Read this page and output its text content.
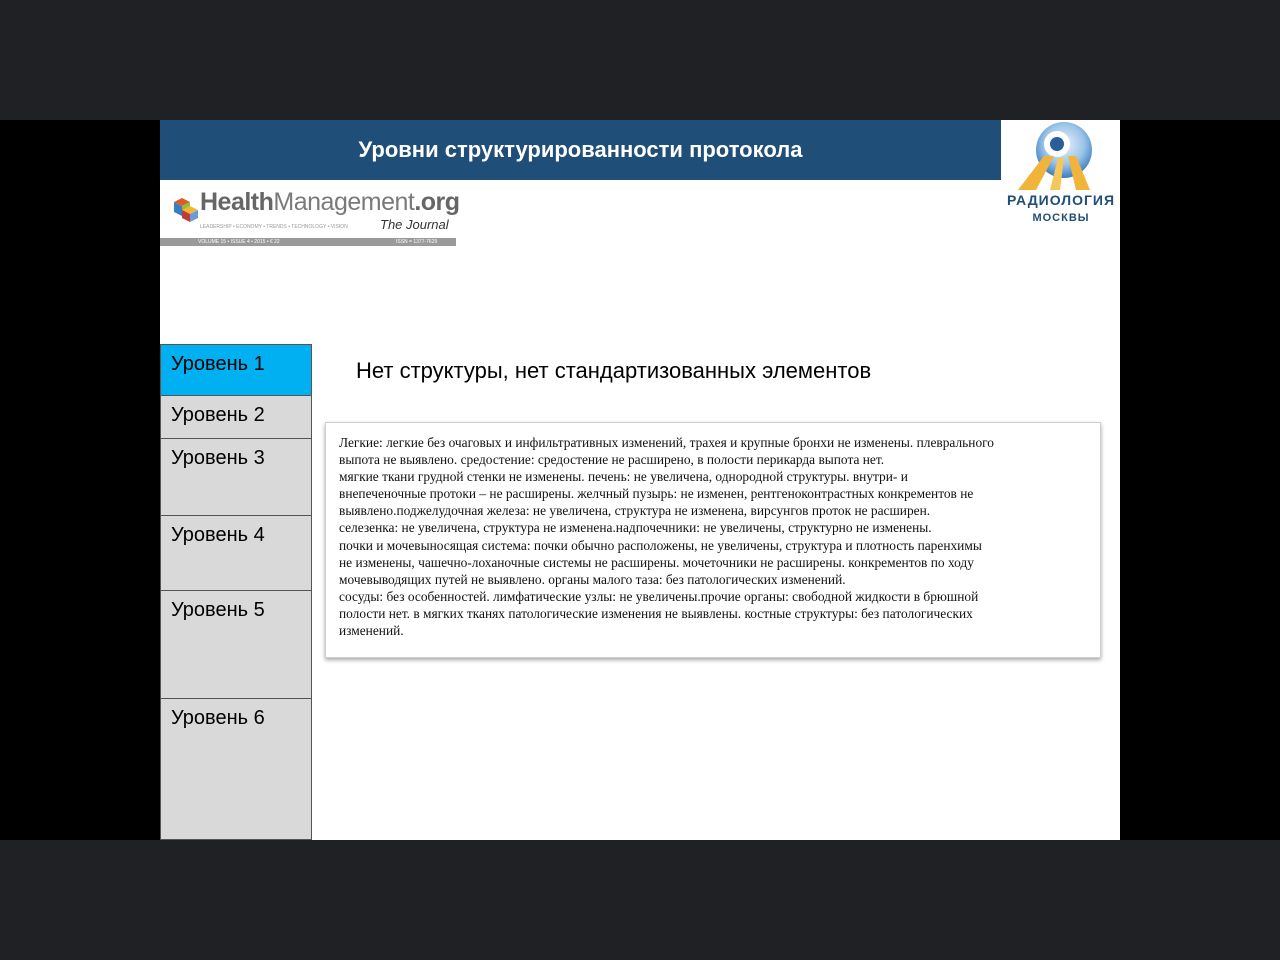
Уровни структурированности протокола
HealthManagement.org
LEADERSHIP • ECONOMY • TRENDS • TECHNOLOGY • VISION The Journal
VOLUME 15 • ISSUE 4 • 2015 • € 22	ISSN = 1377-7629
РАДИОЛОГИЯ
МОСКВЫ
Уровень 1
Уровень 2
Уровень 3
Уровень 4
Уровень 5
Уровень 6
Нет структуры, нет стандартизованных элементов

Легкие: легкие без очаговых и инфильтративных изменений, трахея и крупные бронхи не изменены. плеврального

выпота не выявлено. средостение: средостение не расширено, в полости перикарда выпота нет.

мягкие ткани грудной стенки не изменены. печень: не увеличена, однородной структуры. внутри- и

внепеченочные протоки – не расширены. желчный пузырь: не изменен, рентгеноконтрастных конкрементов не

выявлено.поджелудочная железа: не увеличена, структура не изменена, вирсунгов проток не расширен.

селезенка: не увеличена, структура не изменена.надпочечники: не увеличены, структурно не изменены.

почки и мочевыносящая система: почки обычно расположены, не увеличены, структура и плотность паренхимы

не изменены, чашечно-лоханочные системы не расширены. мочеточники не расширены. конкрементов по ходу

мочевыводящих путей не выявлено. органы малого таза: без патологических изменений.

сосуды: без особенностей. лимфатические узлы: не увеличены.прочие органы: свободной жидкости в брюшной

полости нет. в мягких тканях патологические изменения не выявлены. костные структуры: без патологических

изменений.
